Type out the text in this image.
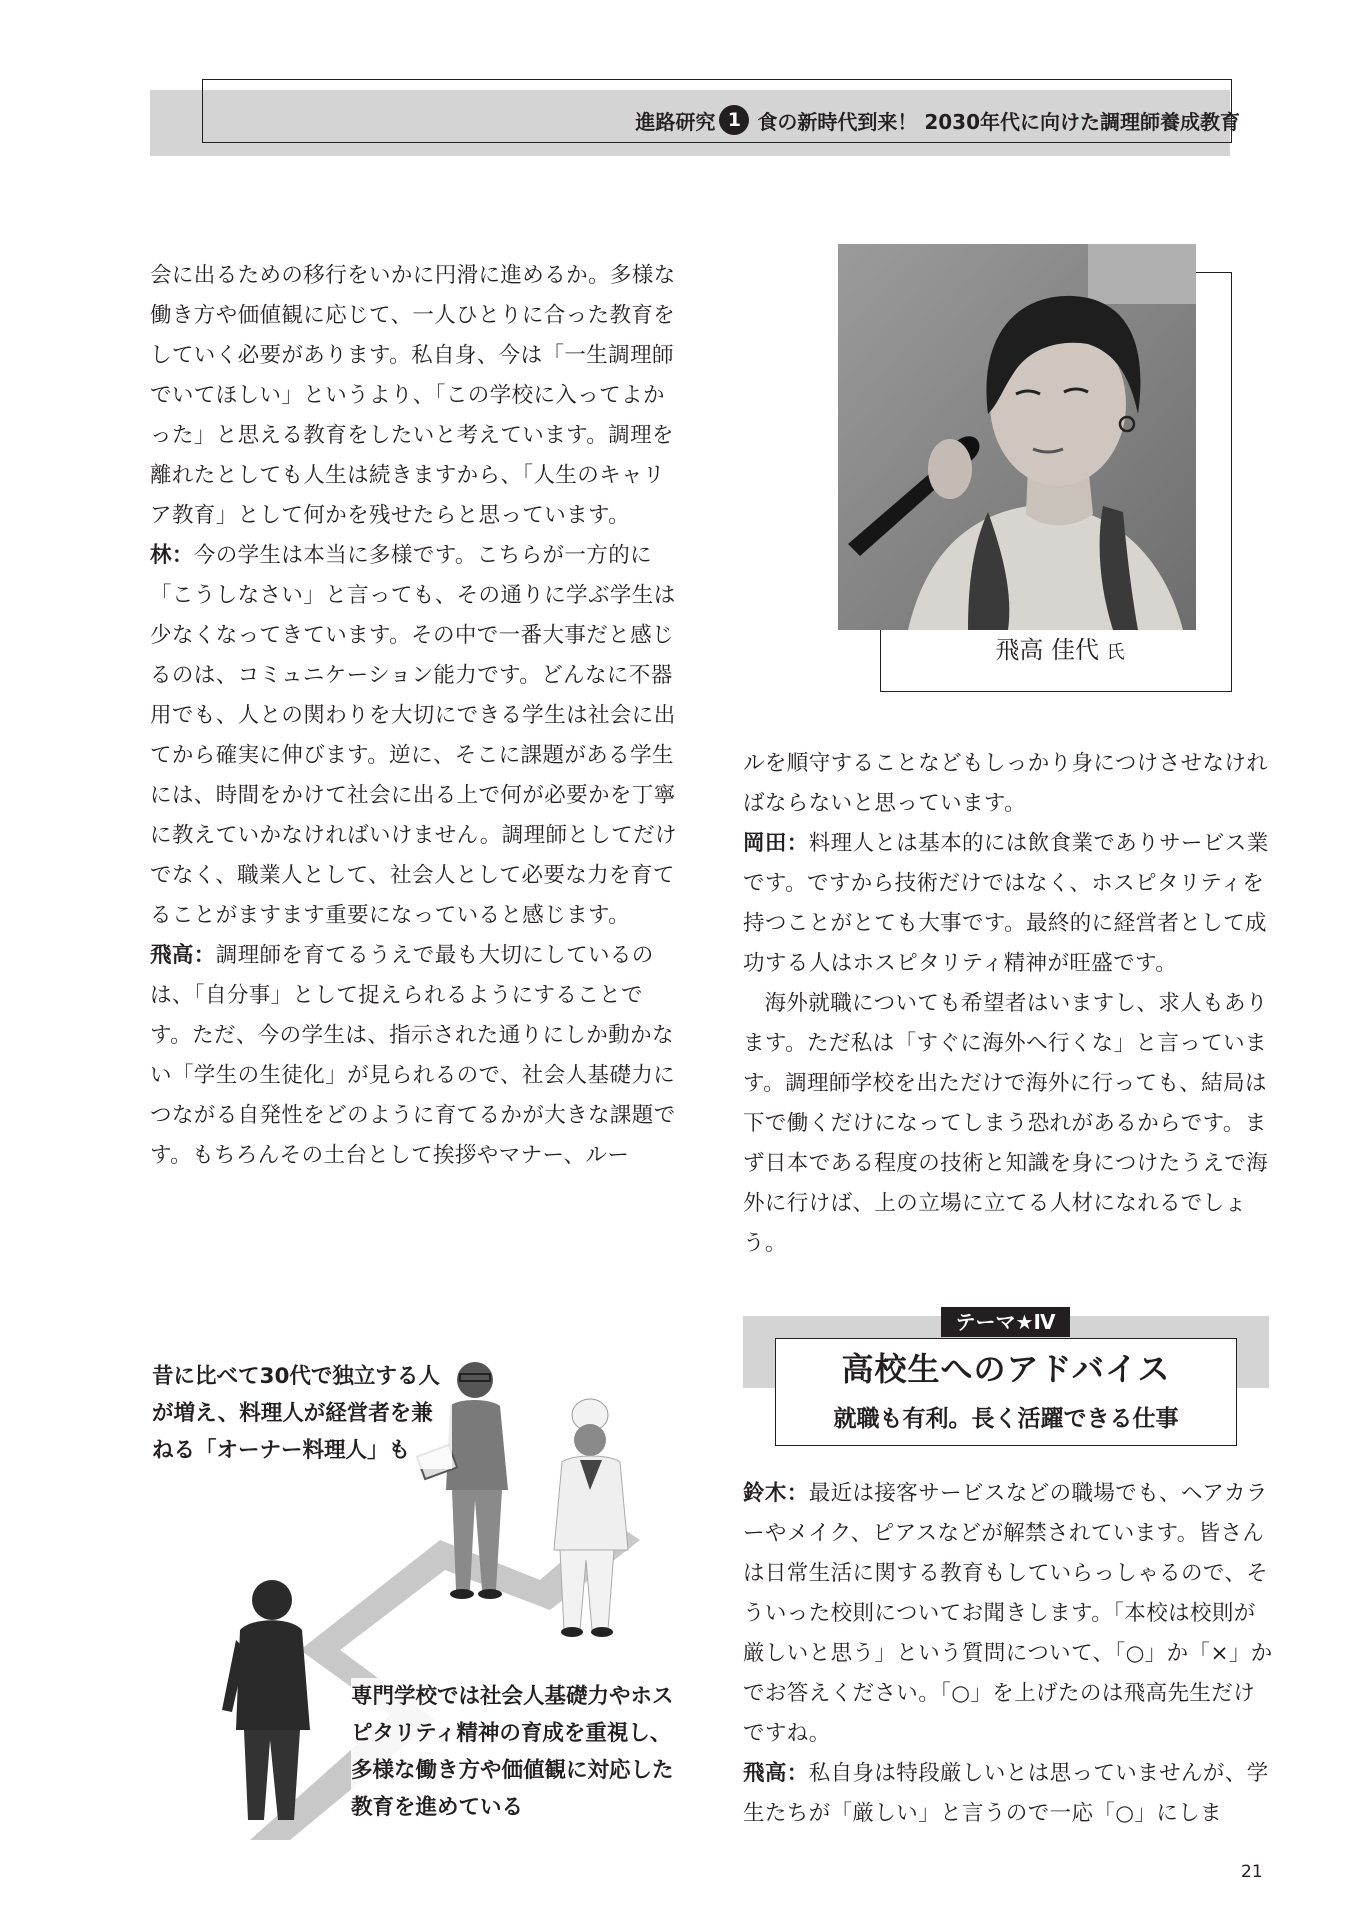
進路研究 1 食の新時代到来！ 2030年代に向けた調理師養成教育

会に出るための移行をいかに円滑に進めるか。多様な働き方や価値観に応じて、一人ひとりに合った教育をしていく必要があります。私自身、今は「一生調理師でいてほしい」というより、「この学校に入ってよかった」と思える教育をしたいと考えています。調理を離れたとしても人生は続きますから、「人生のキャリア教育」として何かを残せたらと思っています。

林：今の学生は本当に多様です。こちらが一方的に「こうしなさい」と言っても、その通りに学ぶ学生は少なくなってきています。その中で一番大事だと感じるのは、コミュニケーション能力です。どんなに不器用でも、人との関わりを大切にできる学生は社会に出てから確実に伸びます。逆に、そこに課題がある学生には、時間をかけて社会に出る上で何が必要かを丁寧に教えていかなければいけません。調理師としてだけでなく、職業人として、社会人として必要な力を育てることがますます重要になっていると感じます。

飛高：調理師を育てるうえで最も大切にしているのは、「自分事」として捉えられるようにすることです。ただ、今の学生は、指示された通りにしか動かない「学生の生徒化」が見られるので、社会人基礎力につながる自発性をどのように育てるかが大きな課題です。もちろんその土台として挨拶やマナー、ルー

飛高 佳代 氏

ルを順守することなどもしっかり身につけさせなければならないと思っています。

岡田：料理人とは基本的には飲食業でありサービス業です。ですから技術だけではなく、ホスピタリティを持つことがとても大事です。最終的に経営者として成功する人はホスピタリティ精神が旺盛です。

海外就職についても希望者はいますし、求人もあります。ただ私は「すぐに海外へ行くな」と言っています。調理師学校を出ただけで海外に行っても、結局は下で働くだけになってしまう恐れがあるからです。まず日本である程度の技術と知識を身につけたうえで海外に行けば、上の立場に立てる人材になれるでしょう。

テーマ★Ⅳ
高校生へのアドバイス
就職も有利。長く活躍できる仕事

鈴木：最近は接客サービスなどの職場でも、ヘアカラーやメイク、ピアスなどが解禁されています。皆さんは日常生活に関する教育もしていらっしゃるので、そういった校則についてお聞きします。「本校は校則が厳しいと思う」という質問について、「○」か「×」かでお答えください。「○」を上げたのは飛高先生だけですね。

飛高：私自身は特段厳しいとは思っていませんが、学生たちが「厳しい」と言うので一応「○」にしま

昔に比べて30代で独立する人が増え、料理人が経営者を兼ねる「オーナー料理人」も
専門学校では社会人基礎力やホスピタリティ精神の育成を重視し、多様な働き方や価値観に対応した教育を進めている
21
